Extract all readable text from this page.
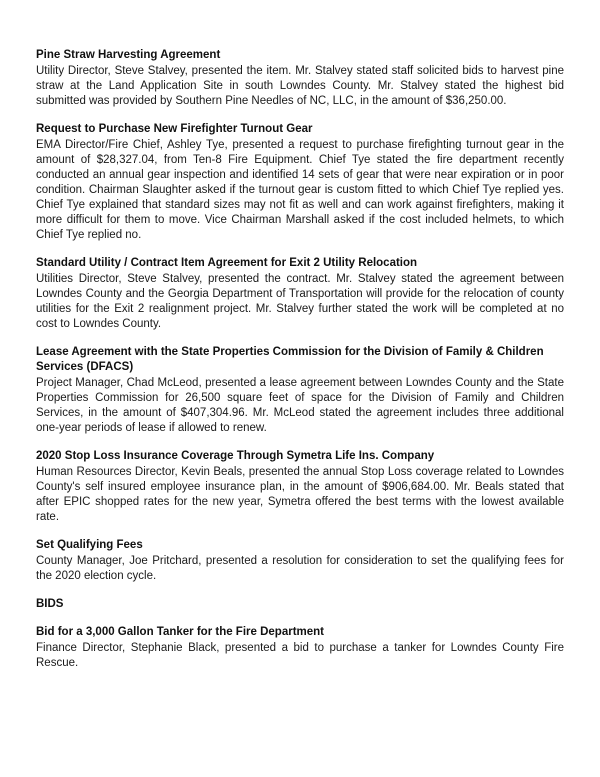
Pine Straw Harvesting Agreement

Utility Director, Steve Stalvey, presented the item. Mr. Stalvey stated staff solicited bids to harvest pine straw at the Land Application Site in south Lowndes County. Mr. Stalvey stated the highest bid submitted was provided by Southern Pine Needles of NC, LLC, in the amount of $36,250.00.

Request to Purchase New Firefighter Turnout Gear

EMA Director/Fire Chief, Ashley Tye, presented a request to purchase firefighting turnout gear in the amount of $28,327.04, from Ten-8 Fire Equipment. Chief Tye stated the fire department recently conducted an annual gear inspection and identified 14 sets of gear that were near expiration or in poor condition. Chairman Slaughter asked if the turnout gear is custom fitted to which Chief Tye replied yes. Chief Tye explained that standard sizes may not fit as well and can work against firefighters, making it more difficult for them to move. Vice Chairman Marshall asked if the cost included helmets, to which Chief Tye replied no.

Standard Utility / Contract Item Agreement for Exit 2 Utility Relocation

Utilities Director, Steve Stalvey, presented the contract. Mr. Stalvey stated the agreement between Lowndes County and the Georgia Department of Transportation will provide for the relocation of county utilities for the Exit 2 realignment project. Mr. Stalvey further stated the work will be completed at no cost to Lowndes County.

Lease Agreement with the State Properties Commission for the Division of Family & Children Services (DFACS)

Project Manager, Chad McLeod, presented a lease agreement between Lowndes County and the State Properties Commission for 26,500 square feet of space for the Division of Family and Children Services, in the amount of $407,304.96. Mr. McLeod stated the agreement includes three additional one-year periods of lease if allowed to renew.

2020 Stop Loss Insurance Coverage Through Symetra Life Ins. Company

Human Resources Director, Kevin Beals, presented the annual Stop Loss coverage related to Lowndes County's self insured employee insurance plan, in the amount of $906,684.00. Mr. Beals stated that after EPIC shopped rates for the new year, Symetra offered the best terms with the lowest available rate.

Set Qualifying Fees

County Manager, Joe Pritchard, presented a resolution for consideration to set the qualifying fees for the 2020 election cycle.

BIDS
Bid for a 3,000 Gallon Tanker for the Fire Department

Finance Director, Stephanie Black, presented a bid to purchase a tanker for Lowndes County Fire Rescue.
